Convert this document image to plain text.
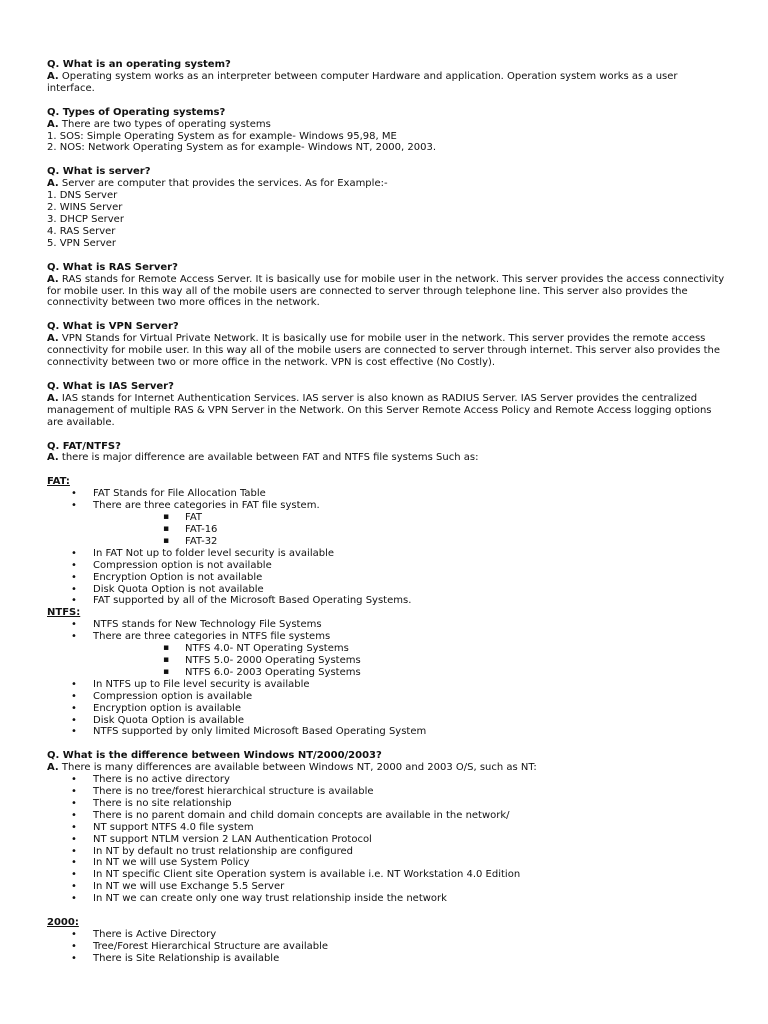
Q. What is an operating system?
A. Operating system works as an interpreter between computer Hardware and application. Operation system works as a user interface.
Q. Types of Operating systems?
A. There are two types of operating systems
1. SOS: Simple Operating System as for example- Windows 95,98, ME
2. NOS: Network Operating System as for example- Windows NT, 2000, 2003.
Q. What is server?
A. Server are computer that provides the services. As for Example:-
1. DNS Server
2. WINS Server
3. DHCP Server
4. RAS Server
5. VPN Server
Q. What is RAS Server?
A. RAS stands for Remote Access Server. It is basically use for mobile user in the network. This server provides the access connectivity for mobile user. In this way all of the mobile users are connected to server through telephone line. This server also provides the connectivity between two more offices in the network.
Q. What is VPN Server?
A. VPN Stands for Virtual Private Network. It is basically use for mobile user in the network. This server provides the remote access connectivity for mobile user. In this way all of the mobile users are connected to server through internet. This server also provides the connectivity between two or more office in the network. VPN is cost effective (No Costly).
Q. What is IAS Server?
A. IAS stands for Internet Authentication Services. IAS server is also known as RADIUS Server. IAS Server provides the centralized management of multiple RAS & VPN Server in the Network. On this Server Remote Access Policy and Remote Access logging options are available.
Q. FAT/NTFS?
A. there is major difference are available between FAT and NTFS file systems Such as:
FAT:
• FAT Stands for File Allocation Table
• There are three categories in FAT file system.
▪ FAT
▪ FAT-16
▪ FAT-32
• In FAT Not up to folder level security is available
• Compression option is not available
• Encryption Option is not available
• Disk Quota Option is not available
• FAT supported by all of the Microsoft Based Operating Systems.
NTFS:
• NTFS stands for New Technology File Systems
• There are three categories in NTFS file systems
▪ NTFS 4.0- NT Operating Systems
▪ NTFS 5.0- 2000 Operating Systems
▪ NTFS 6.0- 2003 Operating Systems
• In NTFS up to File level security is available
• Compression option is available
• Encryption option is available
• Disk Quota Option is available
• NTFS supported by only limited Microsoft Based Operating System
Q. What is the difference between Windows NT/2000/2003?
A. There is many differences are available between Windows NT, 2000 and 2003 O/S, such as NT:
• There is no active directory
• There is no tree/forest hierarchical structure is available
• There is no site relationship
• There is no parent domain and child domain concepts are available in the network/
• NT support NTFS 4.0 file system
• NT support NTLM version 2 LAN Authentication Protocol
• In NT by default no trust relationship are configured
• In NT we will use System Policy
• In NT specific Client site Operation system is available i.e. NT Workstation 4.0 Edition
• In NT we will use Exchange 5.5 Server
• In NT we can create only one way trust relationship inside the network
2000:
• There is Active Directory
• Tree/Forest Hierarchical Structure are available
• There is Site Relationship is available
